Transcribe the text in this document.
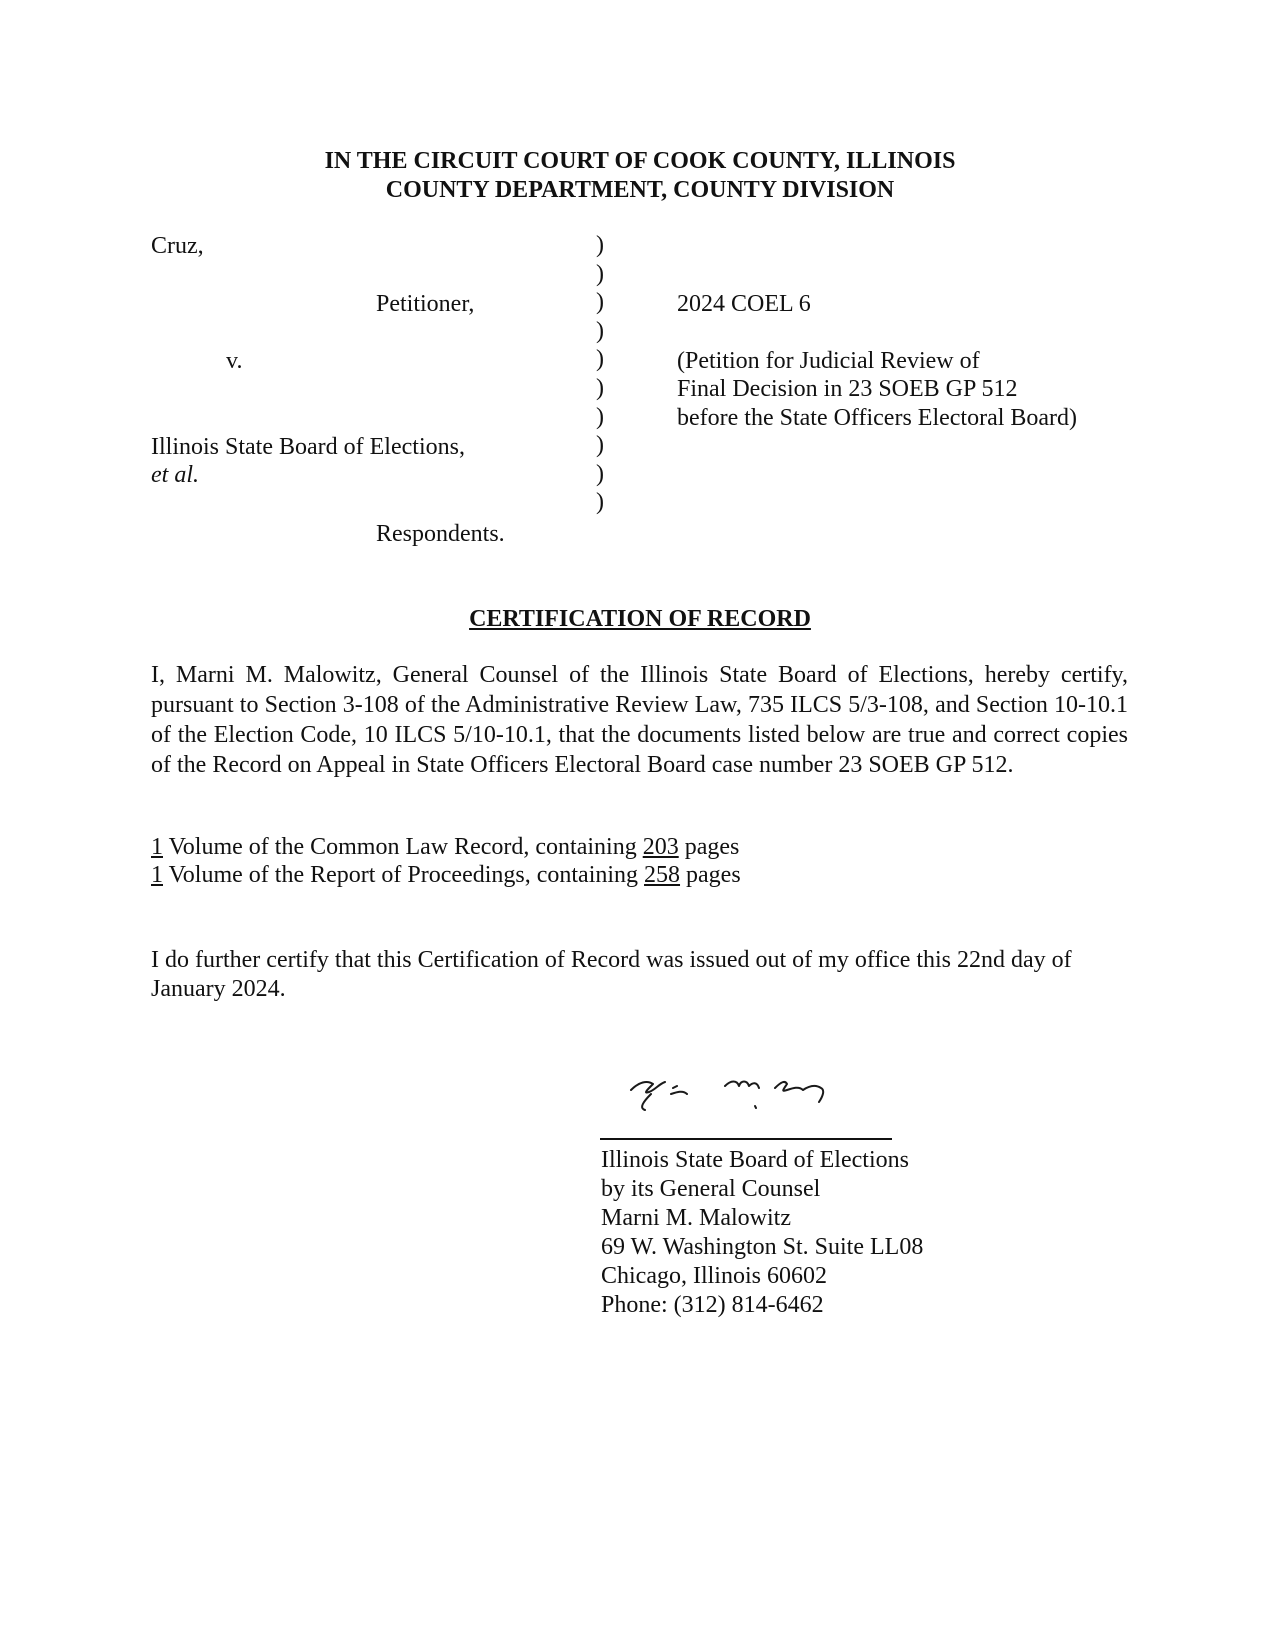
IN THE CIRCUIT COURT OF COOK COUNTY, ILLINOIS
COUNTY DEPARTMENT, COUNTY DIVISION
Cruz,
Petitioner,
v.
Illinois State Board of Elections,
et al.
Respondents.
)
)
)
)
)
)
)
)
)
)
2024 COEL 6
(Petition for Judicial Review of
Final Decision in 23 SOEB GP 512
before the State Officers Electoral Board)
CERTIFICATION OF RECORD
I, Marni M. Malowitz, General Counsel of the Illinois State Board of Elections, hereby certify, pursuant to Section 3-108 of the Administrative Review Law, 735 ILCS 5/3-108, and Section 10-10.1 of the Election Code, 10 ILCS 5/10-10.1, that the documents listed below are true and correct copies of the Record on Appeal in State Officers Electoral Board case number 23 SOEB GP 512.
1 Volume of the Common Law Record, containing 203 pages
1 Volume of the Report of Proceedings, containing 258 pages
I do further certify that this Certification of Record was issued out of my office this 22nd day of January 2024.
Illinois State Board of Elections
by its General Counsel
Marni M. Malowitz
69 W. Washington St. Suite LL08
Chicago, Illinois 60602
Phone: (312) 814-6462
